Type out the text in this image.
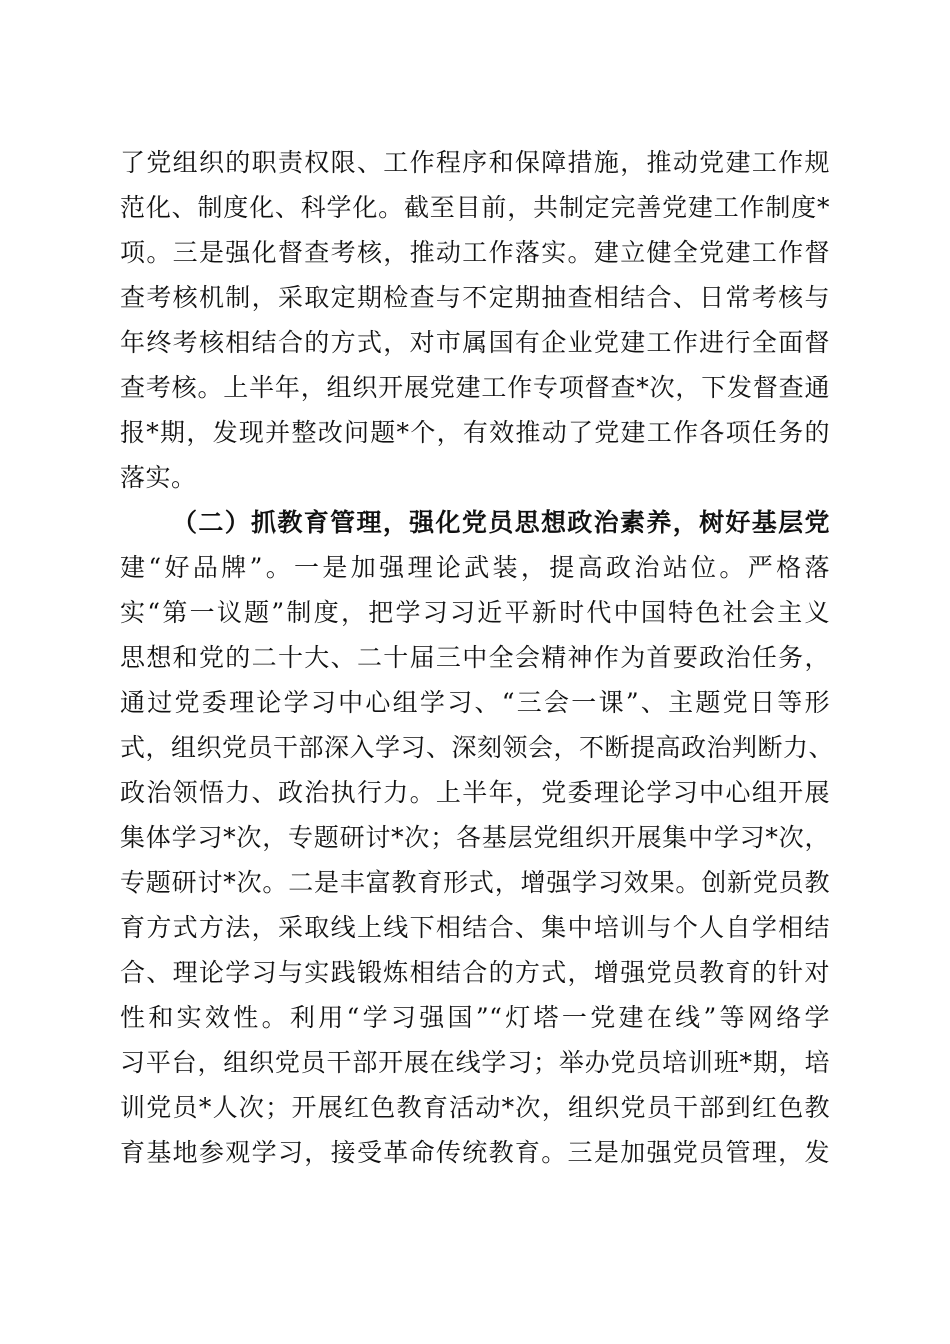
了党组织的职责权限、工作程序和保障措施，推动党建工作规
范化、制度化、科学化。截至目前，共制定完善党建工作制度*
项。三是强化督查考核，推动工作落实。建立健全党建工作督
查考核机制，采取定期检查与不定期抽查相结合、日常考核与
年终考核相结合的方式，对市属国有企业党建工作进行全面督
查考核。上半年，组织开展党建工作专项督查*次，下发督查通
报*期，发现并整改问题*个，有效推动了党建工作各项任务的
落实。
（二）抓教育管理，强化党员思想政治素养，树好基层党
建“好品牌”。一是加强理论武装，提高政治站位。严格落
实“第一议题”制度，把学习习近平新时代中国特色社会主义
思想和党的二十大、二十届三中全会精神作为首要政治任务，
通过党委理论学习中心组学习、“三会一课”、主题党日等形
式，组织党员干部深入学习、深刻领会，不断提高政治判断力、
政治领悟力、政治执行力。上半年，党委理论学习中心组开展
集体学习*次，专题研讨*次；各基层党组织开展集中学习*次，
专题研讨*次。二是丰富教育形式，增强学习效果。创新党员教
育方式方法，采取线上线下相结合、集中培训与个人自学相结
合、理论学习与实践锻炼相结合的方式，增强党员教育的针对
性和实效性。利用“学习强国”“灯塔一党建在线”等网络学
习平台，组织党员干部开展在线学习；举办党员培训班*期，培
训党员*人次；开展红色教育活动*次，组织党员干部到红色教
育基地参观学习，接受革命传统教育。三是加强党员管理，发
